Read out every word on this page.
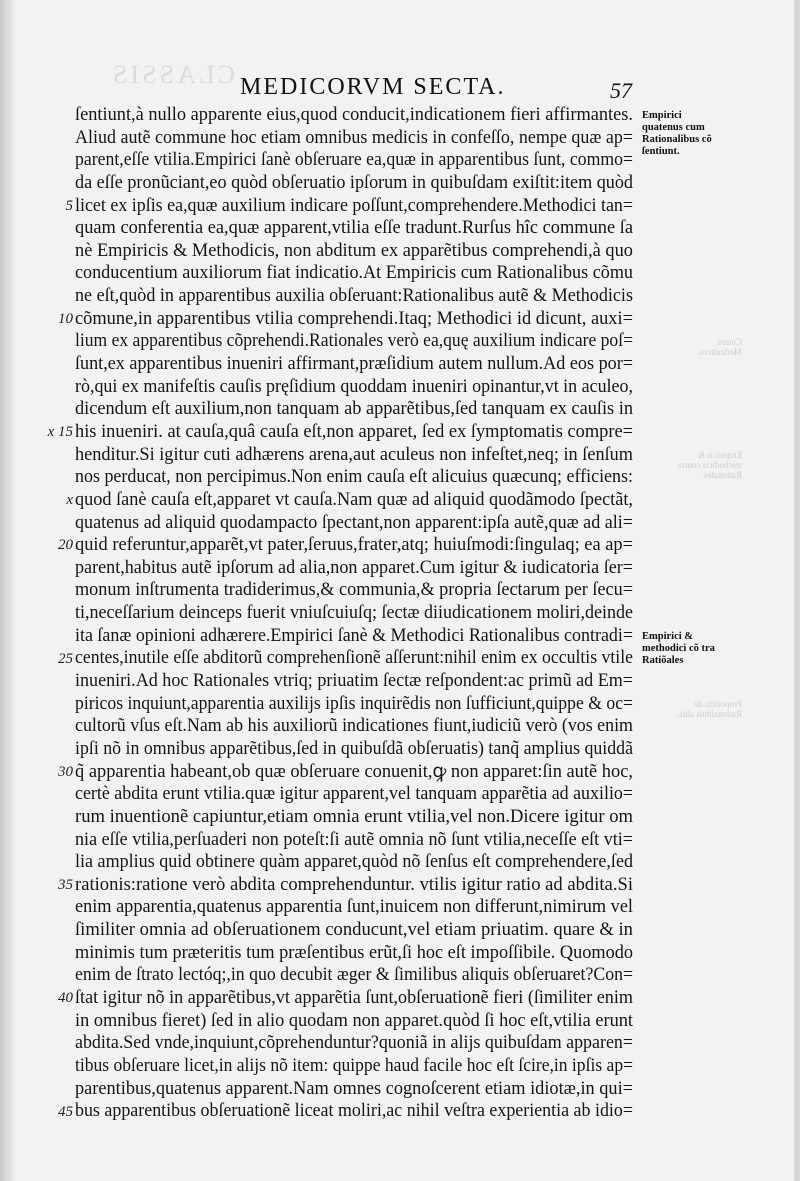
CLASSIS MEDICORVM SECTA.	57
ſentiunt,à nullo apparente eius,quod conducit,indicationem fieri affirmantes.
Aliud autẽ commune hoc etiam omnibus medicis in confeſſo, nempe quæ ap=
parent,eſſe vtilia.Empirici ſanè obſeruare ea,quæ in apparentibus ſunt, commo=
da eſſe pronũciant,eo quòd obſeruatio ipſorum in quibuſdam exiſtit:item quòd
licet ex ipſis ea,quæ auxilium indicare poſſunt,comprehendere.Methodici tan=
quam conferentia ea,quæ apparent,vtilia eſſe tradunt.Rurſus hîc commune ſa
nè Empiricis & Methodicis, non abditum ex apparẽtibus comprehendi,à quo
conducentium auxiliorum fiat indicatio.At Empiricis cum Rationalibus cõmu
ne eſt,quòd in apparentibus auxilia obſeruant:Rationalibus autẽ & Methodicis
cõmune,in apparentibus vtilia comprehendi.Itaq; Methodici id dicunt, auxi=
lium ex apparentibus cõprehendi.Rationales verò ea,quę auxilium indicare poſ=
ſunt,ex apparentibus inueniri affirmant,præſidium autem nullum.Ad eos por=
rò,qui ex manifeſtis cauſis pręſidium quoddam inueniri opinantur,vt in aculeo,
dicendum eſt auxilium,non tanquam ab apparẽtibus,ſed tanquam ex cauſis in
his inueniri. at cauſa,quâ cauſa eſt,non apparet, ſed ex ſymptomatis compre=
henditur.Si igitur cuti adhærens arena,aut aculeus non infeſtet,neq; in ſenſum
nos perducat, non percipimus.Non enim cauſa eſt alicuius quæcunq; efficiens:
quod ſanè cauſa eſt,apparet vt cauſa.Nam quæ ad aliquid quodãmodo ſpectãt,
quatenus ad aliquid quodampacto ſpectant,non apparent:ipſa autẽ,quæ ad ali=
quid referuntur,apparẽt,vt pater,ſeruus,frater,atq; huiuſmodi:ſingulaq; ea ap=
parent,habitus autẽ ipſorum ad alia,non apparet.Cum igitur & iudicatoria ſer=
monum inſtrumenta tradiderimus,& communia,& propria ſectarum per ſecu=
ti,neceſſarium deinceps fuerit vniuſcuiuſq; ſectæ diiudicationem moliri,deinde
ita ſanæ opinioni adhærere.Empirici ſanè & Methodici Rationalibus contradi=
centes,inutile eſſe abditorũ comprehenſionẽ aſſerunt:nihil enim ex occultis vtile
inueniri.Ad hoc Rationales vtriq; priuatim ſectæ reſpondent:ac primũ ad Em=
piricos inquiunt,apparentia auxilijs ipſis inquirẽdis non ſufficiunt,quippe & oc=
cultorũ vſus eſt.Nam ab his auxiliorũ indicationes fiunt,iudiciũ verò (vos enim
ipſi nõ in omnibus apparẽtibus,ſed in quibuſdã obſeruatis) tanq̃ amplius quiddã
q̃ apparentia habeant,ob quæ obſeruare conuenit,ꝙ non apparet:ſin autẽ hoc,
certè abdita erunt vtilia.quæ igitur apparent,vel tanquam apparẽtia ad auxilio=
rum inuentionẽ capiuntur,etiam omnia erunt vtilia,vel non.Dicere igitur om
nia eſſe vtilia,perſuaderi non poteſt:ſi autẽ omnia nõ ſunt vtilia,neceſſe eſt vti=
lia amplius quid obtinere quàm apparet,quòd nõ ſenſus eſt comprehendere,ſed
rationis:ratione verò abdita comprehenduntur. vtilis igitur ratio ad abdita.Si
enim apparentia,quatenus apparentia ſunt,inuicem non differunt,nimirum vel
ſimiliter omnia ad obſeruationem conducunt,vel etiam priuatim. quare & in
minimis tum præteritis tum præſentibus erũt,ſi hoc eſt impoſſibile. Quomodo
enim de ſtrato lectóq;,in quo decubit æger & ſimilibus aliquis obſeruaret?Con=
ſtat igitur nõ in apparẽtibus,vt apparẽtia ſunt,obſeruationẽ fieri (ſimiliter enim
in omnibus fieret) ſed in alio quodam non apparet.quòd ſi hoc eſt,vtilia erunt
abdita.Sed vnde,inquiunt,cõprehenduntur?quoniã in alijs quibuſdam apparen=
tibus obſeruare licet,in alijs nõ item: quippe haud facile hoc eſt ſcire,in ipſis ap=
parentibus,quatenus apparent.Nam omnes cognoſcerent etiam idiotæ,in qui=
bus apparentibus obſeruationẽ liceat moliri,ac nihil veſtra experientia ab idio=
5
10
x 15
x
20
25
30
35
40
45
Empirici quatenus cum Rationalibus cõ ſentiunt.
Empirici & methodici cõ tra Ratiõales
Contra Methodicos.
Empiricis & methodicis contra Rationales.
Propositio de Rationalibus aliis.
